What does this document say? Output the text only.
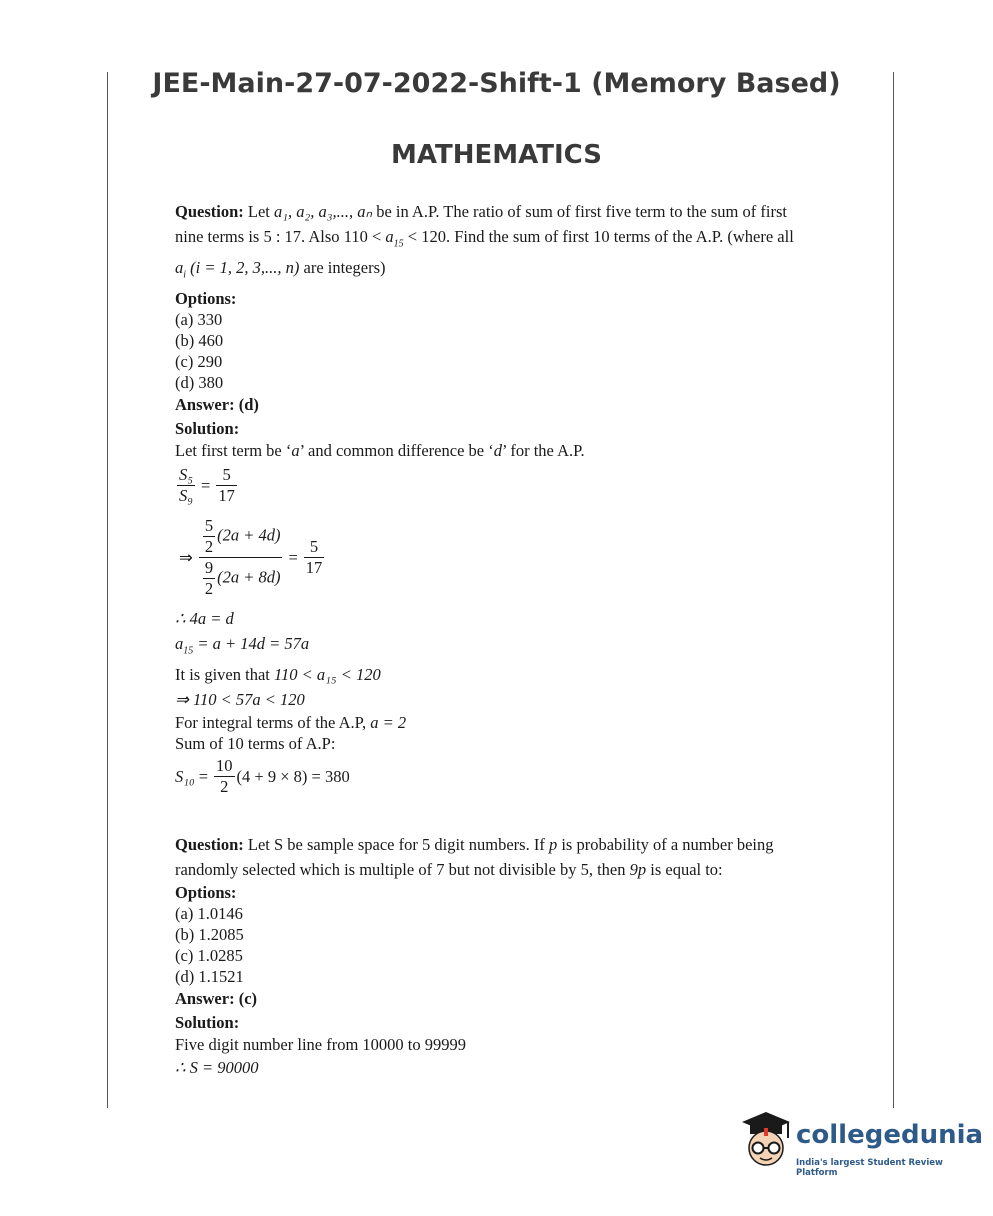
JEE-Main-27-07-2022-Shift-1 (Memory Based)
MATHEMATICS

Question: Let a₁, a₂, a₃,..., aₙ be in A.P. The ratio of sum of first five term to the sum of first

nine terms is 5 : 17. Also $110 < a_{15} < 120$. Find the sum of first 10 terms of the A.P. (where all

$a_i$ (i = 1, 2, 3,..., n) are integers)

Options:

(a) 330

(b) 460

(c) 290

(d) 380

Answer: (d)

Solution:

Let first term be ‘a’ and common difference be ‘d’ for the A.P.

$\frac{\text{S₅}}{\text{S₉}} = \frac{5}{17}$
⇒ $\frac{\frac{5}{2} (2a + 4d)}{\frac{9}{2} (2a + 8d)} = \frac{5}{17}$

∴ 4a = d

$a_{15} = a + 14d = 57a$

It is given that 110 < a₁₅ < 120

⇒ 110 < 57a < 120

For integral terms of the A.P, a = 2

Sum of 10 terms of A.P:

$S_{10} = \frac{10}{2} (4 + 9 \times 8) = 380$

Question: Let S be sample space for 5 digit numbers. If p is probability of a number being

randomly selected which is multiple of 7 but not divisible by 5, then 9p is equal to:

Options:

(a) 1.0146

(b) 1.2085

(c) 1.0285

(d) 1.1521

Answer: (c)

Solution:

Five digit number line from 10000 to 99999

∴ S = 90000

collegedunia
India's largest Student Review Platform
